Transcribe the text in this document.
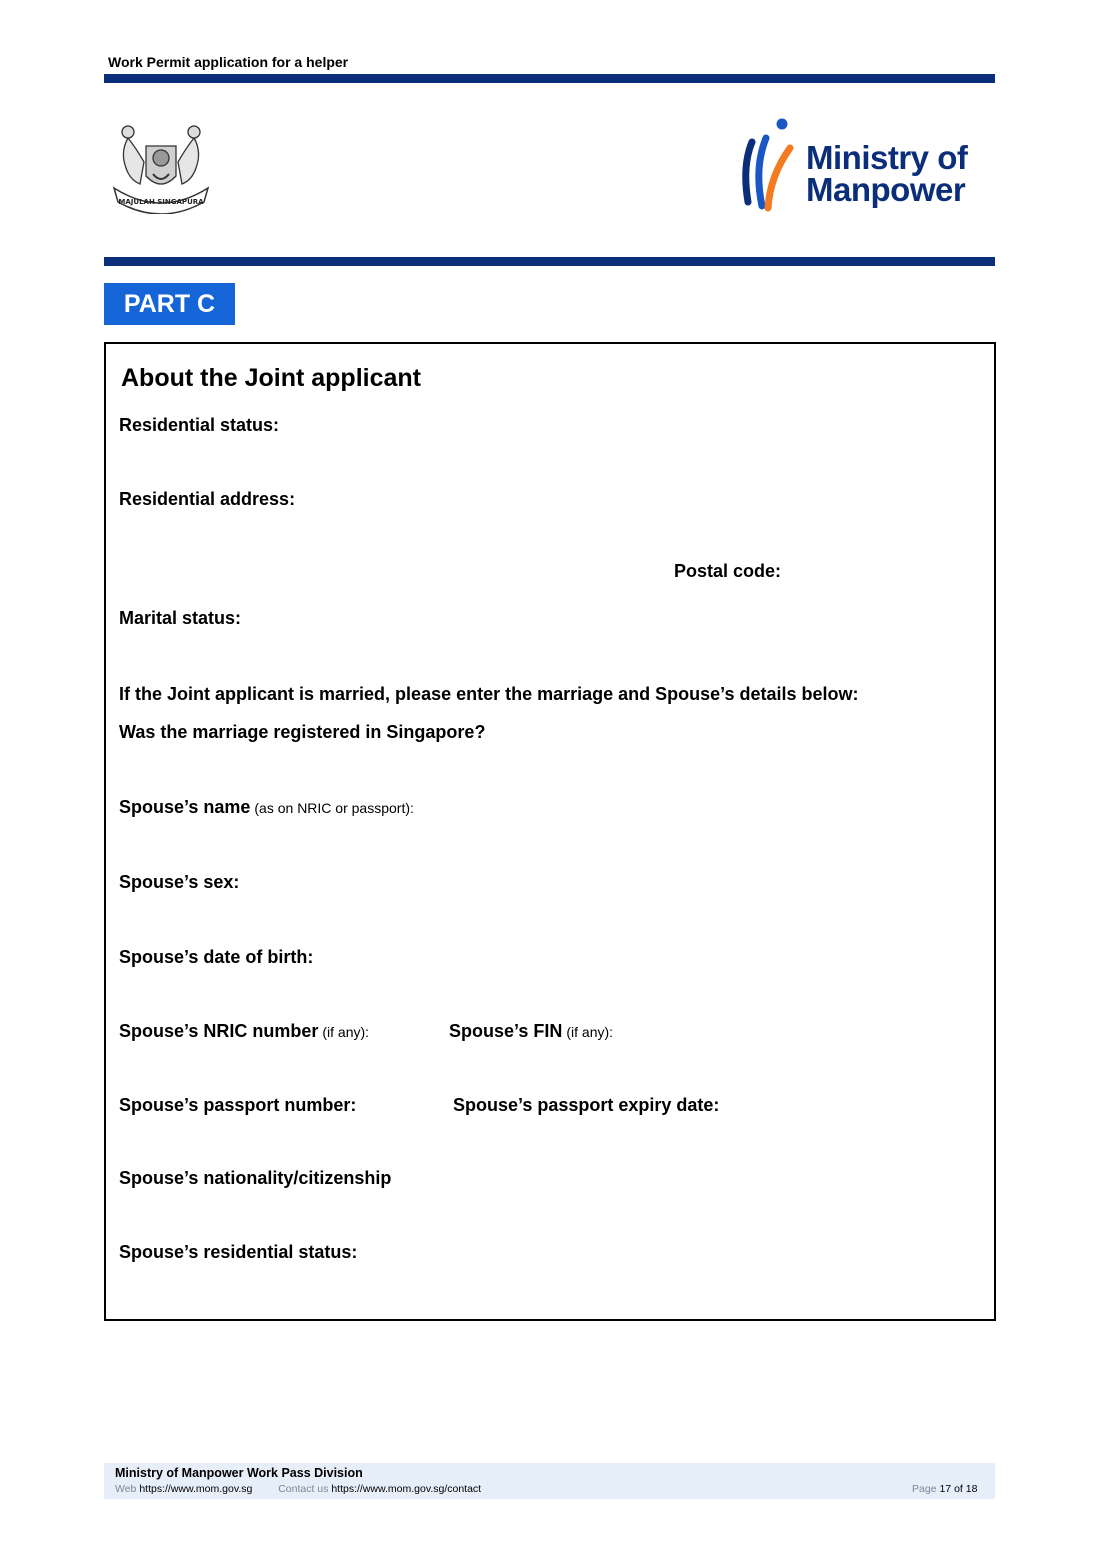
Work Permit application for a helper
MAJULAH SINGAPURA
Ministry of
Manpower
PART C
About the Joint applicant
Residential status:
Residential address:
Postal code:
Marital status:
If the Joint applicant is married, please enter the marriage and Spouse’s details below:
Was the marriage registered in Singapore?
Spouse’s name (as on NRIC or passport):
Spouse’s sex:
Spouse’s date of birth:
Spouse’s NRIC number (if any):	Spouse’s FIN (if any):
Spouse’s passport number:	Spouse’s passport expiry date:
Spouse’s nationality/citizenship
Spouse’s residential status:
Ministry of Manpower Work Pass Division
Web https://www.mom.gov.sg Contact us https://www.mom.gov.sg/contact	Page 17 of 18
